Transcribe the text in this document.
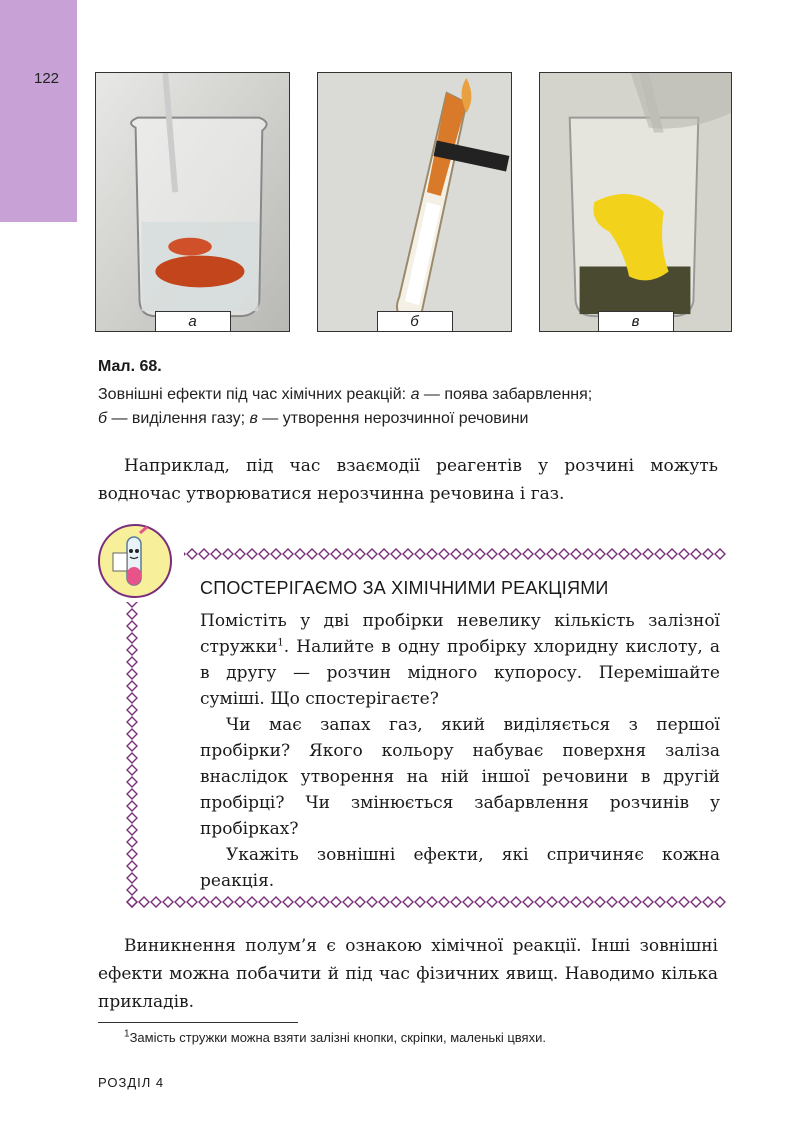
122
а	б	в
Мал. 68.
Зовнішні ефекти під час хімічних реакцій: а — поява забарвлення;
б — виділення газу; в — утворення нерозчинної речовини
Наприклад, під час взаємодії реагентів у розчині можуть водночас утворюватися нерозчинна речовина і газ.
СПОСТЕРІГАЄМО ЗА ХІМІЧНИМИ РЕАКЦІЯМИ

Помістіть у дві пробірки невелику кількість залізної стружки$^1$. Налийте в одну пробірку хлоридну кислоту, а в другу — розчин мідного купоросу. Перемішайте суміші. Що спостерігаєте?

Чи має запах газ, який виділяється з першої пробірки? Якого кольору набуває поверхня заліза внаслідок утворення на ній іншої речовини в другій пробірці? Чи змінюється забарвлення розчинів у пробірках?

Укажіть зовнішні ефекти, які спричиняє кожна реакція.

Виникнення полум’я є ознакою хімічної реакції. Інші зовнішні ефекти можна побачити й під час фізичних явищ. Наводимо кілька прикладів.
$^1$Замість стружки можна взяти залізні кнопки, скріпки, маленькі цвяхи.
РОЗДІЛ 4
